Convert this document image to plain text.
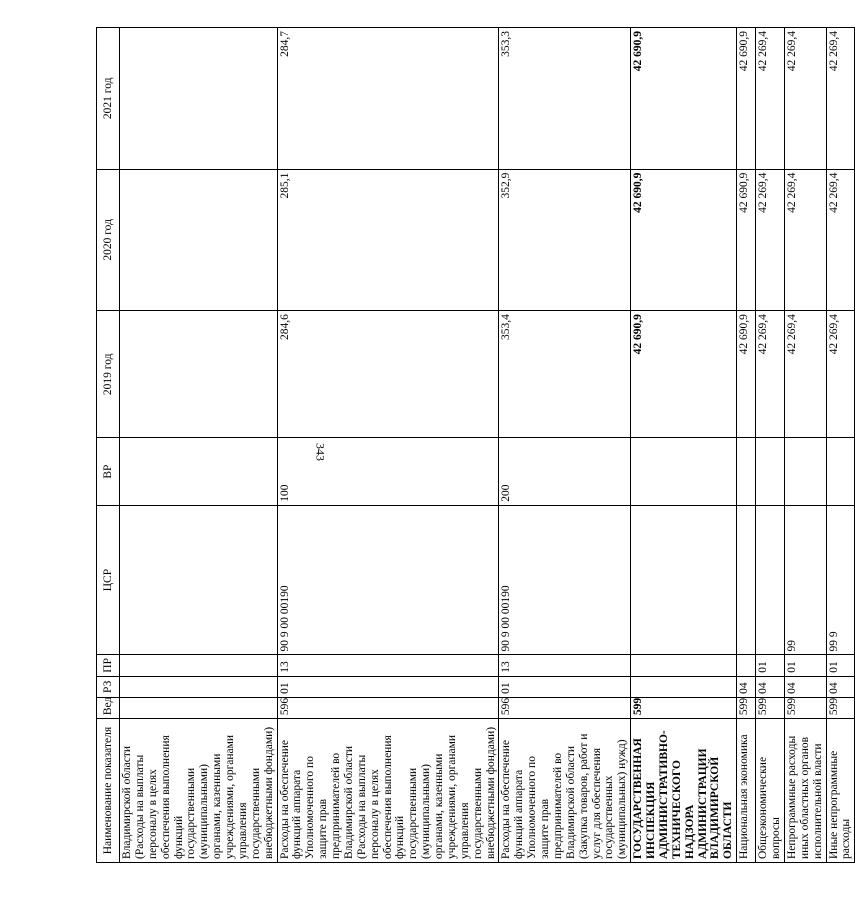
343
Наименование показателя	Вед	РЗ	ПР	ЦСР	ВР	2019 год	2020 год	2021 год
Владимирской области (Расходы на выплаты персоналу в целях обеспечения выполнения функций государственными (муниципальными) органами, казенными учреждениями, органами управления государственными внебюджетными фондами)								
Расходы на обеспечение функций аппарата Уполномоченного по защите прав предпринимателей во Владимирской области (Расходы на выплаты персоналу в целях обеспечения выполнения функций государственными (муниципальными) органами, казенными учреждениями, органами управления государственными внебюджетными фондами)	596	01	13	90 9 00 00190	100	284,6	285,1	284,7
Расходы на обеспечение функций аппарата Уполномоченного по защите прав предпринимателей во Владимирской области (Закупка товаров, работ и услуг для обеспечения государственных (муниципальных) нужд)	596	01	13	90 9 00 00190	200	353,4	352,9	353,3
ГОСУДАРСТВЕННАЯ ИНСПЕКЦИЯ АДМИНИСТРАТИВНО-ТЕХНИЧЕСКОГО НАДЗОРА АДМИНИСТРАЦИИ ВЛАДИМИРСКОЙ ОБЛАСТИ	599					42 690,9	42 690,9	42 690,9
Национальная экономика	599	04				42 690,9	42 690,9	42 690,9
Общеэкономические вопросы	599	04	01			42 269,4	42 269,4	42 269,4
Непрограммные расходы иных областных органов исполнительной власти	599	04	01	99		42 269,4	42 269,4	42 269,4
Иные непрограммные расходы	599	04	01	99 9		42 269,4	42 269,4	42 269,4
